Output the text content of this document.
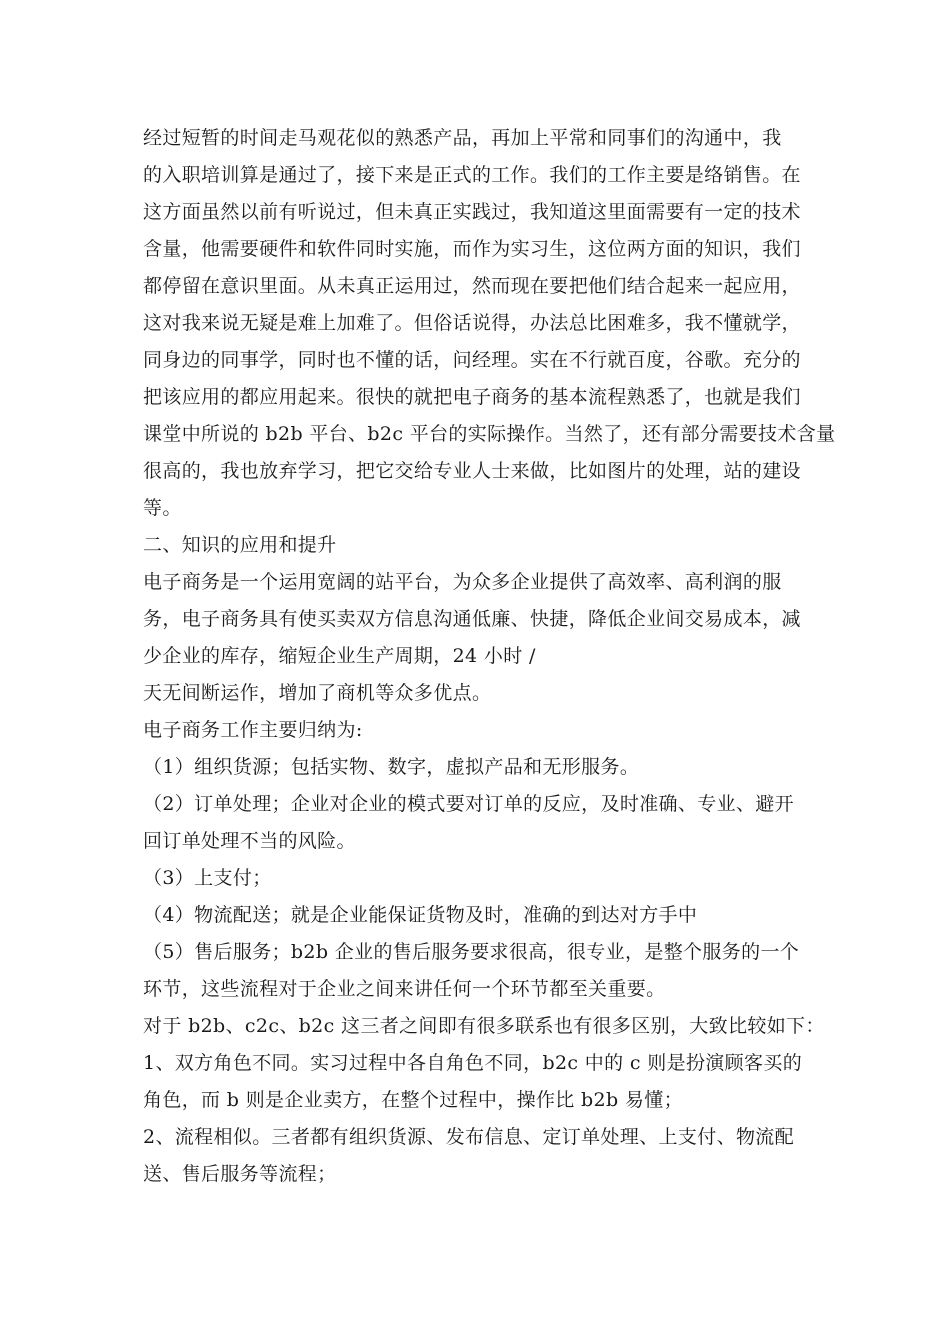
经过短暂的时间走马观花似的熟悉产品，再加上平常和同事们的沟通中，我
的入职培训算是通过了，接下来是正式的工作。我们的工作主要是络销售。在
这方面虽然以前有听说过，但未真正实践过，我知道这里面需要有一定的技术
含量，他需要硬件和软件同时实施，而作为实习生，这位两方面的知识，我们
都停留在意识里面。从未真正运用过，然而现在要把他们结合起来一起应用，
这对我来说无疑是难上加难了。但俗话说得，办法总比困难多，我不懂就学，
同身边的同事学，同时也不懂的话，问经理。实在不行就百度，谷歌。充分的
把该应用的都应用起来。很快的就把电子商务的基本流程熟悉了，也就是我们
课堂中所说的 b2b 平台、b2c 平台的实际操作。当然了，还有部分需要技术含量
很高的，我也放弃学习，把它交给专业人士来做，比如图片的处理，站的建设
等。
二、知识的应用和提升
电子商务是一个运用宽阔的站平台，为众多企业提供了高效率、高利润的服
务，电子商务具有使买卖双方信息沟通低廉、快捷，降低企业间交易成本，减
少企业的库存，缩短企业生产周期，24 小时 /
天无间断运作，增加了商机等众多优点。
电子商务工作主要归纳为:
（1）组织货源；包括实物、数字，虚拟产品和无形服务。
（2）订单处理；企业对企业的模式要对订单的反应，及时准确、专业、避开
回订单处理不当的风险。
（3）上支付；
（4）物流配送；就是企业能保证货物及时，准确的到达对方手中
（5）售后服务；b2b 企业的售后服务要求很高，很专业，是整个服务的一个
环节，这些流程对于企业之间来讲任何一个环节都至关重要。
对于 b2b、c2c、b2c 这三者之间即有很多联系也有很多区别，大致比较如下：
1、双方角色不同。实习过程中各自角色不同，b2c 中的 c 则是扮演顾客买的
角色，而 b 则是企业卖方，在整个过程中，操作比 b2b 易懂；
2、流程相似。三者都有组织货源、发布信息、定订单处理、上支付、物流配
送、售后服务等流程；
